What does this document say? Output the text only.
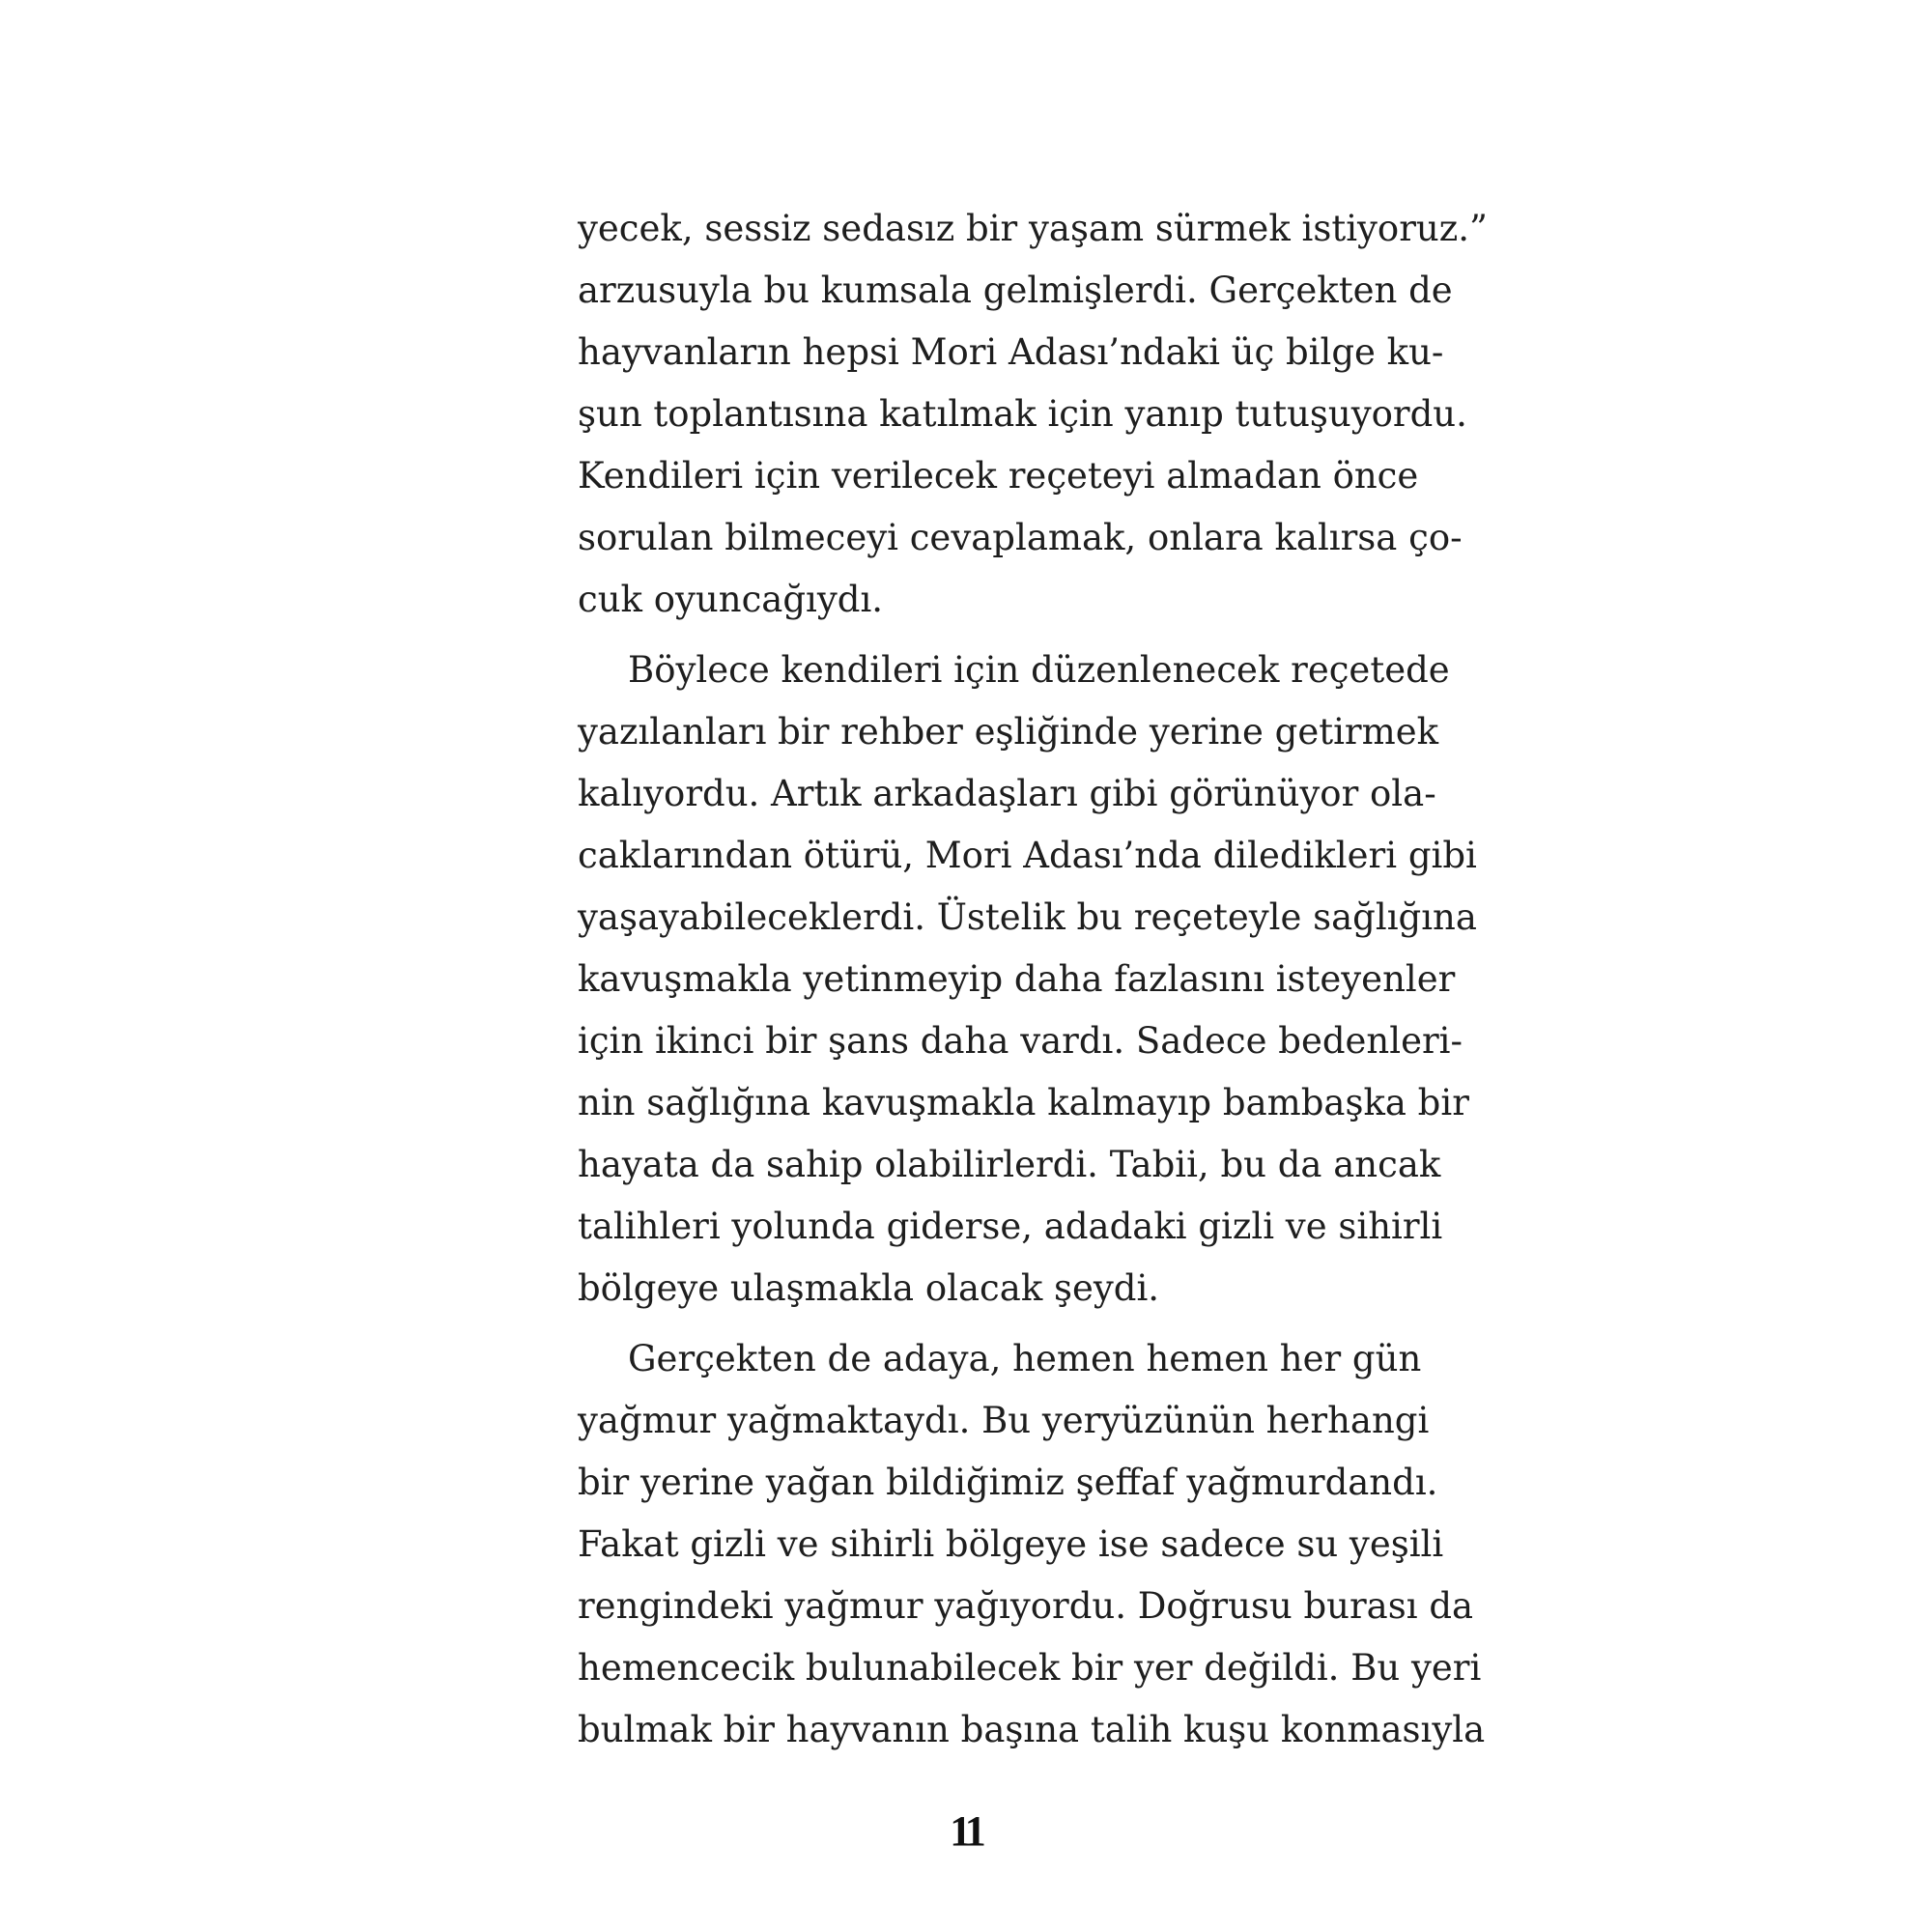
yecek, sessiz sedasız bir yaşam sürmek istiyoruz.”
arzusuyla bu kumsala gelmişlerdi. Gerçekten de
hayvanların hepsi Mori Adası’ndaki üç bilge ku-
şun toplantısına katılmak için yanıp tutuşuyordu.
Kendileri için verilecek reçeteyi almadan önce
sorulan bilmeceyi cevaplamak, onlara kalırsa ço-
cuk oyuncağıydı.
Böylece kendileri için düzenlenecek reçetede
yazılanları bir rehber eşliğinde yerine getirmek
kalıyordu. Artık arkadaşları gibi görünüyor ola-
caklarından ötürü, Mori Adası’nda diledikleri gibi
yaşayabileceklerdi. Üstelik bu reçeteyle sağlığına
kavuşmakla yetinmeyip daha fazlasını isteyenler
için ikinci bir şans daha vardı. Sadece bedenleri-
nin sağlığına kavuşmakla kalmayıp bambaşka bir
hayata da sahip olabilirlerdi. Tabii, bu da ancak
talihleri yolunda giderse, adadaki gizli ve sihirli
bölgeye ulaşmakla olacak şeydi.
Gerçekten de adaya, hemen hemen her gün
yağmur yağmaktaydı. Bu yeryüzünün herhangi
bir yerine yağan bildiğimiz şeffaf yağmurdandı.
Fakat gizli ve sihirli bölgeye ise sadece su yeşili
rengindeki yağmur yağıyordu. Doğrusu burası da
hemencecik bulunabilecek bir yer değildi. Bu yeri
bulmak bir hayvanın başına talih kuşu konmasıyla
11
